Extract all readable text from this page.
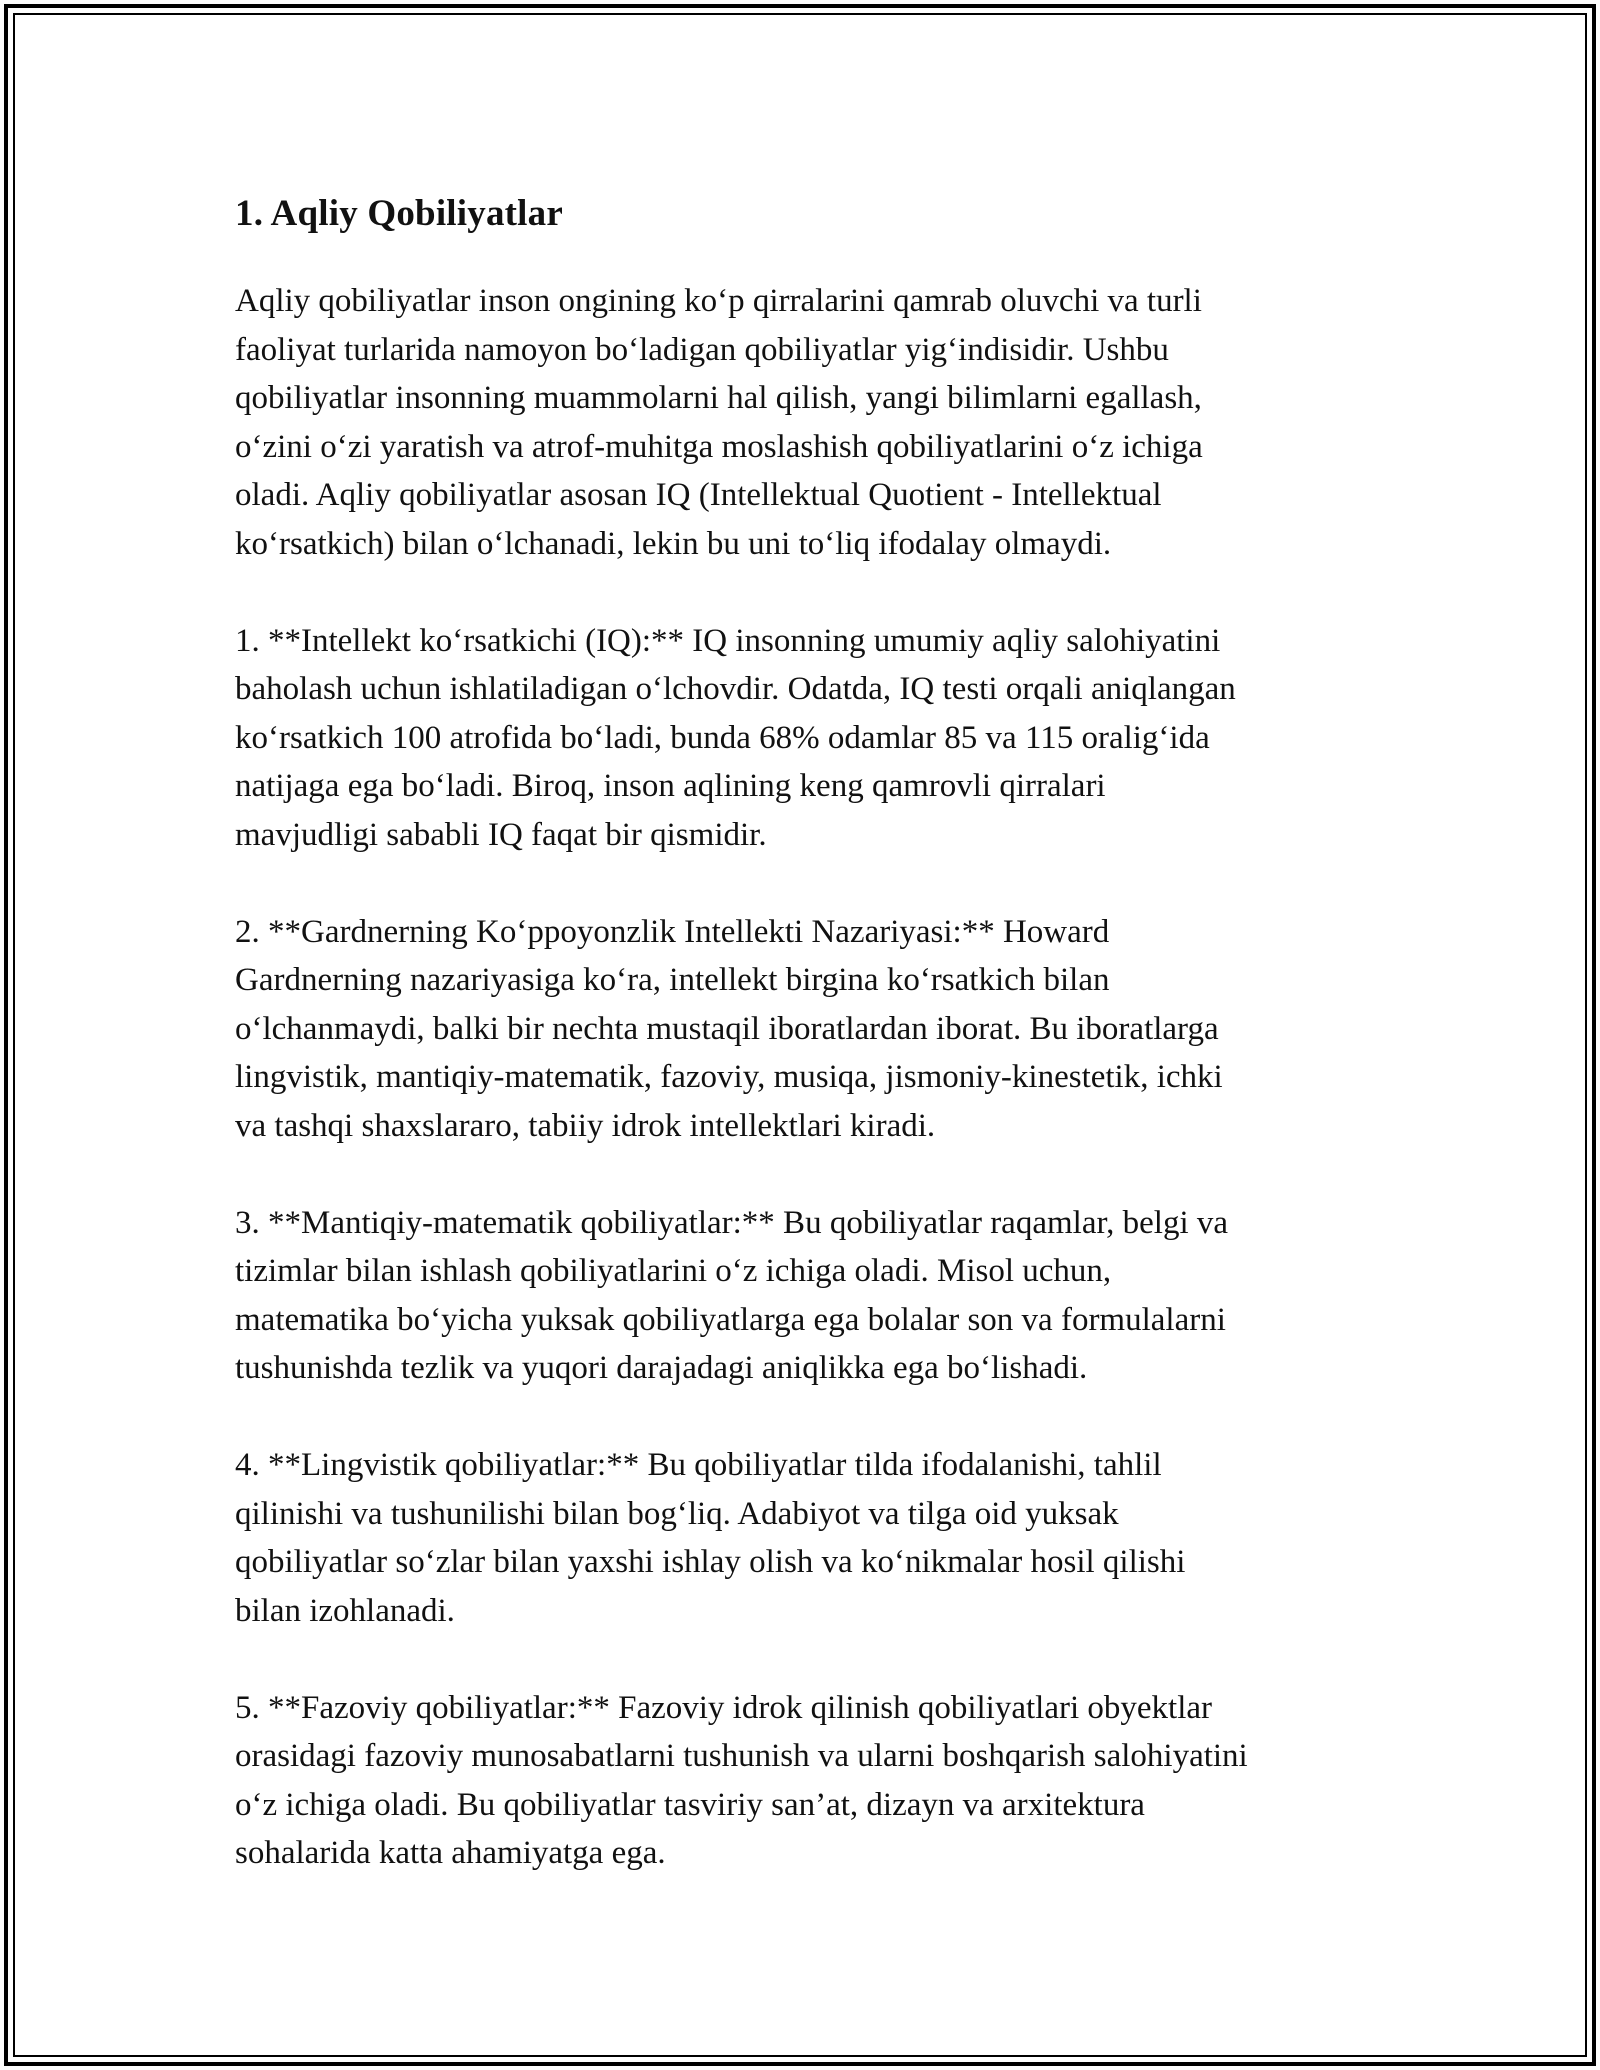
1. Aqliy Qobiliyatlar

Aqliy qobiliyatlar inson ongining koʻp qirralarini qamrab oluvchi va turli
faoliyat turlarida namoyon boʻladigan qobiliyatlar yigʻindisidir. Ushbu
qobiliyatlar insonning muammolarni hal qilish, yangi bilimlarni egallash,
oʻzini oʻzi yaratish va atrof-muhitga moslashish qobiliyatlarini oʻz ichiga
oladi. Aqliy qobiliyatlar asosan IQ (Intellektual Quotient - Intellektual
koʻrsatkich) bilan oʻlchanadi, lekin bu uni toʻliq ifodalay olmaydi.

1. **Intellekt koʻrsatkichi (IQ):** IQ insonning umumiy aqliy salohiyatini
baholash uchun ishlatiladigan oʻlchovdir. Odatda, IQ testi orqali aniqlangan
koʻrsatkich 100 atrofida boʻladi, bunda 68% odamlar 85 va 115 oraligʻida
natijaga ega boʻladi. Biroq, inson aqlining keng qamrovli qirralari
mavjudligi sababli IQ faqat bir qismidir.

2. **Gardnerning Koʻppoyonzlik Intellekti Nazariyasi:** Howard
Gardnerning nazariyasiga koʻra, intellekt birgina koʻrsatkich bilan
oʻlchanmaydi, balki bir nechta mustaqil iboratlardan iborat. Bu iboratlarga
lingvistik, mantiqiy-matematik, fazoviy, musiqa, jismoniy-kinestetik, ichki
va tashqi shaxslararo, tabiiy idrok intellektlari kiradi.

3. **Mantiqiy-matematik qobiliyatlar:** Bu qobiliyatlar raqamlar, belgi va
tizimlar bilan ishlash qobiliyatlarini oʻz ichiga oladi. Misol uchun,
matematika boʻyicha yuksak qobiliyatlarga ega bolalar son va formulalarni
tushunishda tezlik va yuqori darajadagi aniqlikka ega boʻlishadi.

4. **Lingvistik qobiliyatlar:** Bu qobiliyatlar tilda ifodalanishi, tahlil
qilinishi va tushunilishi bilan bogʻliq. Adabiyot va tilga oid yuksak
qobiliyatlar soʻzlar bilan yaxshi ishlay olish va koʻnikmalar hosil qilishi
bilan izohlanadi.

5. **Fazoviy qobiliyatlar:** Fazoviy idrok qilinish qobiliyatlari obyektlar
orasidagi fazoviy munosabatlarni tushunish va ularni boshqarish salohiyatini
oʻz ichiga oladi. Bu qobiliyatlar tasviriy san’at, dizayn va arxitektura
sohalarida katta ahamiyatga ega.
